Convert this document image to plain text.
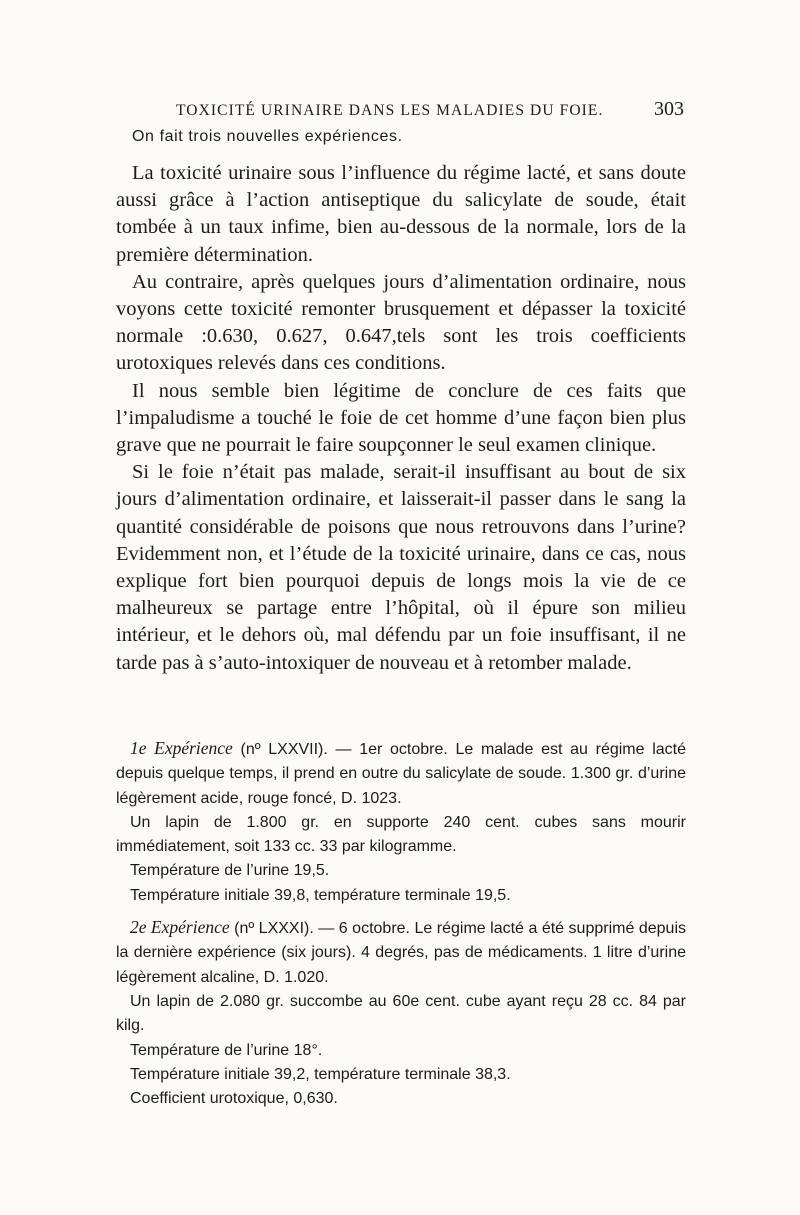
TOXICITÉ URINAIRE DANS LES MALADIES DU FOIE.	303
On fait trois nouvelles expériences.

La toxicité urinaire sous l’influence du régime lacté, et sans doute aussi grâce à l’action antiseptique du salicylate de soude, était tombée à un taux infime, bien au-dessous de la normale, lors de la première détermination.

Au contraire, après quelques jours d’alimentation ordinaire, nous voyons cette toxicité remonter brusquement et dépasser la toxicité normale :0.630, 0.627, 0.647,tels sont les trois coefficients urotoxiques relevés dans ces conditions.

Il nous semble bien légitime de conclure de ces faits que l’impaludisme a touché le foie de cet homme d’une façon bien plus grave que ne pourrait le faire soupçonner le seul examen clinique.

Si le foie n’était pas malade, serait-il insuffisant au bout de six jours d’alimentation ordinaire, et laisserait-il passer dans le sang la quantité considérable de poisons que nous retrouvons dans l’urine? Evidemment non, et l’étude de la toxicité urinaire, dans ce cas, nous explique fort bien pourquoi depuis de longs mois la vie de ce malheureux se partage entre l’hôpital, où il épure son milieu intérieur, et le dehors où, mal défendu par un foie insuffisant, il ne tarde pas à s’auto-intoxiquer de nouveau et à retomber malade.

1e Expérience (nº LXXVII). — 1er octobre. Le malade est au régime lacté depuis quelque temps, il prend en outre du salicylate de soude. 1.300 gr. d’urine légèrement acide, rouge foncé, D. 1023.

Un lapin de 1.800 gr. en supporte 240 cent. cubes sans mourir immédiatement, soit 133 cc. 33 par kilogramme.

Température de l’urine 19,5.

Température initiale 39,8, température terminale 19,5.

2e Expérience (nº LXXXI). — 6 octobre. Le régime lacté a été supprimé depuis la dernière expérience (six jours). 4 degrés, pas de médicaments. 1 litre d’urine légèrement alcaline, D. 1.020.

Un lapin de 2.080 gr. succombe au 60e cent. cube ayant reçu 28 cc. 84 par kilg.

Température de l’urine 18°.

Température initiale 39,2, température terminale 38,3.

Coefficient urotoxique, 0,630.
